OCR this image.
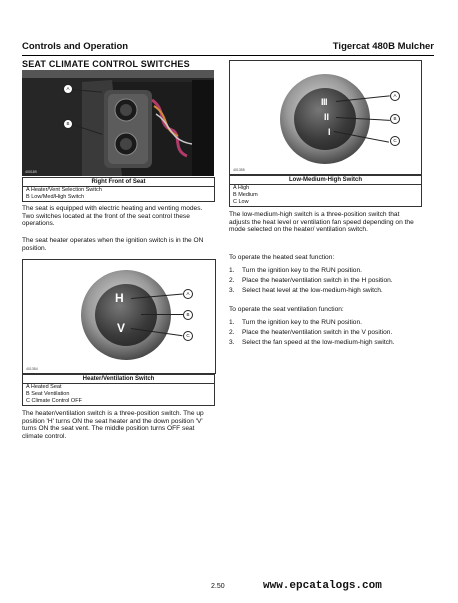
Controls and Operation	Tigercat 480B Mulcher
SEAT CLIMATE CONTROL SWITCHES
400189
A
B
Right Front of Seat
A Heater/Vent Selection Switch
B Low/Med/High Switch
The seat is equipped with electric heating and venting modes. Two switches located at the front of the seat control these operations.
The seat heater operates when the ignition switch is in the ON position.
H
V
A
B
C
401354
Heater/Ventilation Switch
A Heated Seat
B Seat Ventilation
C Climate Control OFF
The heater/ventilation switch is a three-position switch. The up position 'H' turns ON the seat heater and the down position 'V' turns ON the seat vent. The middle position turns OFF seat climate control.
III
II
I
A
B
C
401355
Low-Medium-High Switch
A High
B Medium
C Low
The low-medium-high switch is a three-position switch that adjusts the heat level or ventilation fan speed depending on the mode selected on the heater/ ventilation switch.
To operate the heated seat function:
1. Turn the ignition key to the RUN position.
2. Place the heater/ventilation switch in the H position.
3. Select heat level at the low-medium-high switch.
To operate the seat ventilation function:
1. Turn the ignition key to the RUN position.
2. Place the heater/ventilation switch in the V position.
3. Select the fan speed at the low-medium-high switch.
2.50	www.epcatalogs.com
